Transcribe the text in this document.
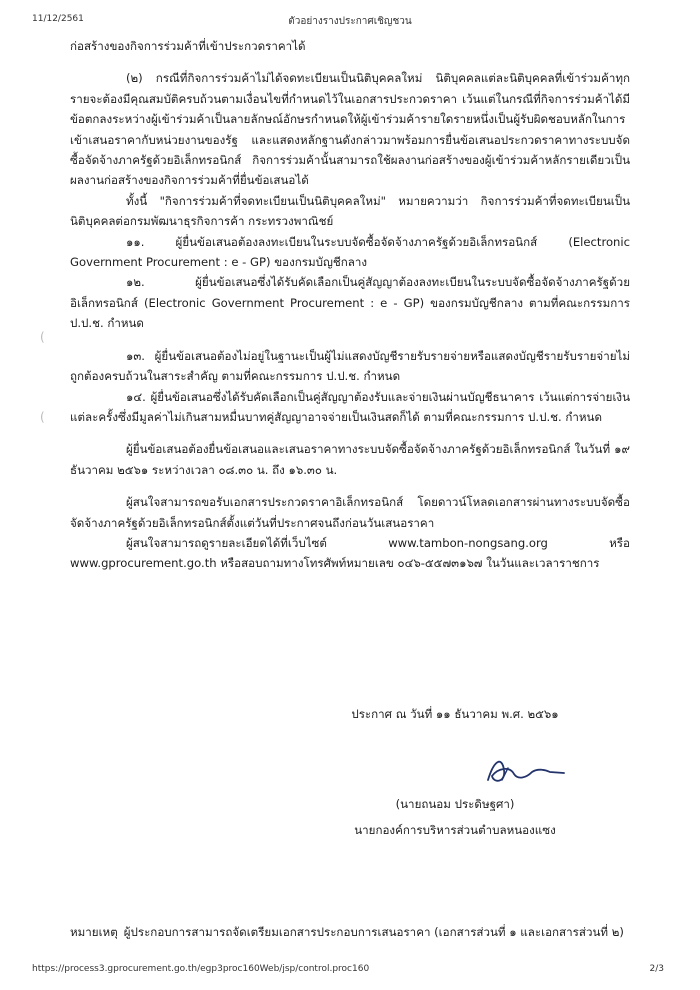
11/12/2561	ตัวอย่างรางประกาศเชิญชวน

ก่อสร้างของกิจการร่วมค้าที่เข้าประกวดราคาได้

(๒) กรณีที่กิจการร่วมค้าไม่ได้จดทะเบียนเป็นนิติบุคคลใหม่ นิติบุคคลแต่ละนิติบุคคลที่เข้าร่วมค้าทุกรายจะต้องมีคุณสมบัติครบถ้วนตามเงื่อนไขที่กำหนดไว้ในเอกสารประกวดราคา เว้นแต่ในกรณีที่กิจการร่วมค้าได้มีข้อตกลงระหว่างผู้เข้าร่วมค้าเป็นลายลักษณ์อักษรกำหนดให้ผู้เข้าร่วมค้ารายใดรายหนึ่งเป็นผู้รับผิดชอบหลักในการเข้าเสนอราคากับหน่วยงานของรัฐ และแสดงหลักฐานดังกล่าวมาพร้อมการยื่นข้อเสนอประกวดราคาทางระบบจัดซื้อจัดจ้างภาครัฐด้วยอิเล็กทรอนิกส์ กิจการร่วมค้านั้นสามารถใช้ผลงานก่อสร้างของผู้เข้าร่วมค้าหลักรายเดียวเป็นผลงานก่อสร้างของกิจการร่วมค้าที่ยื่นข้อเสนอได้

ทั้งนี้ "กิจการร่วมค้าที่จดทะเบียนเป็นนิติบุคคลใหม่" หมายความว่า กิจการร่วมค้าที่จดทะเบียนเป็นนิติบุคคลต่อกรมพัฒนาธุรกิจการค้า กระทรวงพาณิชย์

๑๑. ผู้ยื่นข้อเสนอต้องลงทะเบียนในระบบจัดซื้อจัดจ้างภาครัฐด้วยอิเล็กทรอนิกส์ (Electronic Government Procurement : e - GP) ของกรมบัญชีกลาง

๑๒. ผู้ยื่นข้อเสนอซึ่งได้รับคัดเลือกเป็นคู่สัญญาต้องลงทะเบียนในระบบจัดซื้อจัดจ้างภาครัฐด้วยอิเล็กทรอนิกส์ (Electronic Government Procurement : e - GP) ของกรมบัญชีกลาง ตามที่คณะกรรมการ ป.ป.ช. กำหนด

๑๓. ผู้ยื่นข้อเสนอต้องไม่อยู่ในฐานะเป็นผู้ไม่แสดงบัญชีรายรับรายจ่ายหรือแสดงบัญชีรายรับรายจ่ายไม่ถูกต้องครบถ้วนในสาระสำคัญ ตามที่คณะกรรมการ ป.ป.ช. กำหนด

๑๔. ผู้ยื่นข้อเสนอซึ่งได้รับคัดเลือกเป็นคู่สัญญาต้องรับและจ่ายเงินผ่านบัญชีธนาคาร เว้นแต่การจ่ายเงินแต่ละครั้งซึ่งมีมูลค่าไม่เกินสามหมื่นบาทคู่สัญญาอาจจ่ายเป็นเงินสดก็ได้ ตามที่คณะกรรมการ ป.ป.ช. กำหนด

ผู้ยื่นข้อเสนอต้องยื่นข้อเสนอและเสนอราคาทางระบบจัดซื้อจัดจ้างภาครัฐด้วยอิเล็กทรอนิกส์ ในวันที่ ๑๙ ธันวาคม ๒๕๖๑ ระหว่างเวลา ๐๘.๓๐ น. ถึง ๑๖.๓๐ น.

ผู้สนใจสามารถขอรับเอกสารประกวดราคาอิเล็กทรอนิกส์ โดยดาวน์โหลดเอกสารผ่านทางระบบจัดซื้อจัดจ้างภาครัฐด้วยอิเล็กทรอนิกส์ตั้งแต่วันที่ประกาศจนถึงก่อนวันเสนอราคา

ผู้สนใจสามารถดูรายละเอียดได้ที่เว็บไซต์ www.tambon-nongsang.org หรือ www.gprocurement.go.th หรือสอบถามทางโทรศัพท์หมายเลข ๐๔๖-๕๕๗๓๑๖๗ ในวันและเวลาราชการ

ประกาศ ณ วันที่ ๑๑ ธันวาคม พ.ศ. ๒๕๖๑
(นายถนอม ประดิษฐศา)
นายกองค์การบริหารส่วนตำบลหนองแซง
หมายเหตุ ผู้ประกอบการสามารถจัดเตรียมเอกสารประกอบการเสนอราคา (เอกสารส่วนที่ ๑ และเอกสารส่วนที่ ๒)
(
(
https://process3.gprocurement.go.th/egp3proc160Web/jsp/control.proc160	2/3
